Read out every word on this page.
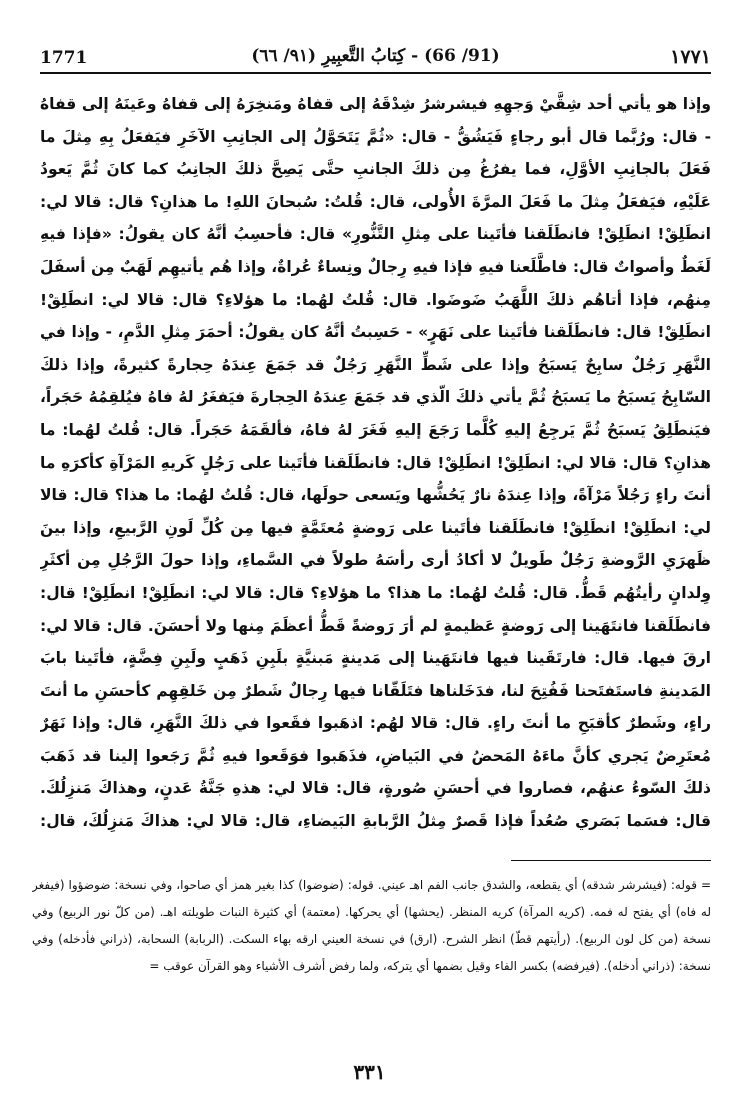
1771	(91/ 66) - كِتابُ التَّعبِيرِ (٩١/ ٦٦)	١٧٧١

وإذا هو يأتي أحد شِقَّيْ وَجهِهِ فيشرشرُ شِدْقَهُ إلى قفاهُ ومَنخِرَهُ إلى قفاهُ وعَينَهُ إلى قفاهُ - قال: ورُبَّما قال أبو رجاءٍ فَيَشُقُّ - قال: «ثُمَّ يَتَحَوَّلُ إلى الجانِبِ الآخَرِ فيَفعَلُ بِهِ مِثلَ ما فَعَلَ بالجانِبِ الأوَّلِ، فما يفرُغُ مِن ذلكَ الجانبِ حتَّى يَصِحَّ ذلكَ الجانِبُ كما كانَ ثُمَّ يَعودُ عَلَيْهِ، فيَفعَلُ مِثلَ ما فَعَلَ المرَّةَ الأُولى، قال: قُلتُ: سُبحانَ اللهِ! ما هذانِ؟ قال: قالا لي: انطَلِقْ! انطَلِقْ! فانطَلَقنا فأتَينا على مِثلِ التَّنُّورِ» قال: فأحسِبُ أنَّهُ كان يقولُ: «فإذا فيهِ لَغَطٌ وأصواتٌ قال: فاطَّلَعنا فيهِ فإذا فيهِ رِجالٌ ونِساءٌ عُراةٌ، وإذا هُم يأتيهِم لَهَبٌ مِن أسفَلَ مِنهُم، فإذا أتاهُم ذلكَ اللَّهَبُ ضَوضَوا. قال: قُلتُ لهُما: ما هؤلاءِ؟ قال: قالا لي: انطَلِقْ! انطَلِقْ! قال: فانطَلَقنا فأتَينا على نَهَرٍ» - حَسِبتُ أنَّهُ كان يقولُ: أحمَرَ مِثلِ الدَّمِ، - وإذا في النَّهَرِ رَجُلٌ سابِحٌ يَسبَحُ وإذا على شَطِّ النَّهَرِ رَجُلٌ قد جَمَعَ عِندَهُ حِجارةً كثيرةً، وإذا ذلكَ السّابِحُ يَسبَحُ ما يَسبَحُ ثُمَّ يأتي ذلكَ الّذي قد جَمَعَ عِندَهُ الحِجارةَ فيَفغَرُ لهُ فاهُ فيُلقِمُهُ حَجَراً، فيَنطَلِقُ يَسبَحُ ثُمَّ يَرجِعُ إليهِ كُلَّما رَجَعَ إليهِ فَغَرَ لهُ فاهُ، فألقَمَهُ حَجَراً. قال: قُلتُ لهُما: ما هذانِ؟ قال: قالا لي: انطَلِقْ! انطَلِقْ! قال: فانطَلَقنا فأتَينا على رَجُلٍ كَريهِ المَرْآةِ كأكرَهِ ما أنتَ راءٍ رَجُلاً مَرْآةً، وإذا عِندَهُ نارٌ يَحُشُّها ويَسعى حولَها، قال: قُلتُ لهُما: ما هذا؟ قال: قالا لي: انطَلِقْ! انطَلِقْ! فانطَلَقنا فأتَينا على رَوضةٍ مُعتَمَّةٍ فيها مِن كُلِّ لَونِ الرَّبيعِ، وإذا بينَ ظَهرَيِ الرَّوضةِ رَجُلٌ طَويلٌ لا أكادُ أرى رأسَهُ طولاً في السَّماءِ، وإذا حولَ الرَّجُلِ مِن أكثَرِ وِلدانٍ رأيتُهُم قَطُّ. قال: قُلتُ لهُما: ما هذا؟ ما هؤلاءِ؟ قال: قالا لي: انطَلِقْ! انطَلِقْ! قال: فانطَلَقنا فانتَهَينا إلى رَوضةٍ عَظيمةٍ لم أرَ رَوضةً قَطُّ أعظَمَ مِنها ولا أحسَنَ. قال: قالا لي: ارقَ فيها. قال: فارتَقَينا فيها فانتَهَينا إلى مَدينةٍ مَبنيَّةٍ بلَبِنِ ذَهَبٍ ولَبِنِ فِضَّةٍ، فأتَينا بابَ المَدينةِ فاستَفتَحنا فَفُتِحَ لنا، فدَخَلناها فتَلَقّانا فيها رِجالٌ شَطرٌ مِن خَلقِهِم كأحسَنِ ما أنتَ راءٍ، وشَطرٌ كأقبَحِ ما أنتَ راءٍ. قال: قالا لهُم: اذهَبوا فقَعوا في ذلكَ النَّهَرِ، قال: وإذا نَهَرٌ مُعتَرِضٌ يَجري كأنَّ ماءَهُ المَحضُ في البَياضِ، فذَهَبوا فوَقَعوا فيهِ ثُمَّ رَجَعوا إلينا قد ذَهَبَ ذلكَ السّوءُ عنهُم، فصاروا في أحسَنِ صُورةٍ، قال: قالا لي: هذهِ جَنَّةُ عَدنٍ، وهذاكَ مَنزِلُكَ. قال: فسَما بَصَري صُعُداً فإذا قَصرٌ مِثلُ الرَّبابةِ البَيضاءِ، قال: قالا لي: هذاكَ مَنزِلُكَ، قال:

= قوله: (فيشرشر شدقه) أي يقطعه، والشدق جانب الفم اهـ عيني. قوله: (ضوضوا) كذا بغير همز أي صاحوا، وفي نسخة: ضوضؤوا (فيفغر له فاه) أي يفتح له فمه. (كريه المرآة) كريه المنظر. (يحشها) أي يحركها. (معتمة) أي كثيرة النبات طويلته اهـ. (من كلّ نور الربيع) وفي نسخة (من كل لون الربيع). (رأيتهم قطّ) انظر الشرح. (ارق) في نسخة العيني ارقه بهاء السكت. (الربابة) السحابة، (ذراني فأدخله) وفي نسخة: (ذراني أدخله). (فيرفضه) بكسر الفاء وقيل بضمها أي يتركه، ولما رفض أشرف الأشياء وهو القرآن عوقب =

٣٣١
